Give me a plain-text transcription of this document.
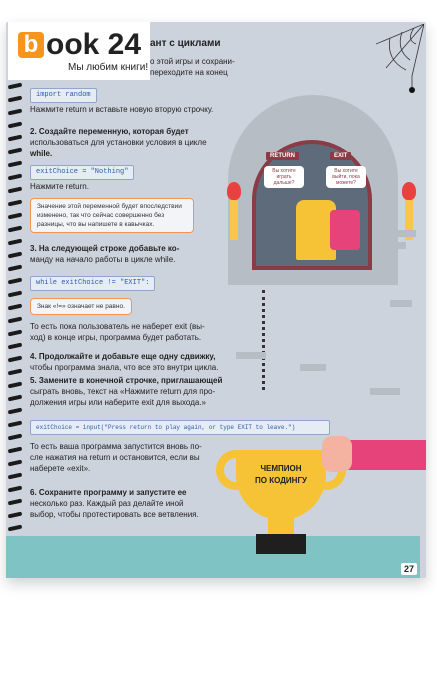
b ook 24
Мы любим книги!
ант с циклами
о этой игры и сохрани-
переходите на конец
import random
Нажмите return и вставьте новую вторую строчку.
2. Создайте переменную, которая будет
использоваться для установки условия в цикле
while.
exitChoice = "Nothing"
Нажмите return.
Значение этой переменной будет впоследствии
изменено, так что сейчас совершенно без
разницы, что вы напишете в кавычках.
3. На следующей строке добавьте ко-
манду на начало работы в цикле while.
while exitChoice != "EXIT":
Знак «!=» означает не равно.
То есть пока пользователь не наберет exit (вы-
ход) в конце игры, программа будет работать.
4. Продолжайте и добавьте еще одну сдвижку,
чтобы программа знала, что все это внутри цикла.
5. Замените в конечной строчке, приглашающей
сыграть вновь, текст на «Нажмите return для про-
должения игры или наберите exit для выхода.»
exitChoice = input("Press return to play again, or type EXIT to leave.")
То есть ваша программа запустится вновь по-
сле нажатия на return и остановится, если вы
наберете «exit».
6. Сохраните программу и запустите ее
несколько раз. Каждый раз делайте иной
выбор, чтобы протестировать все ветвления.
RETURN	EXIT
Вы хотите играть дальше?
Вы хотите выйти, пока можете?
ЧЕМПИОН
ПО КОДИНГУ
27
